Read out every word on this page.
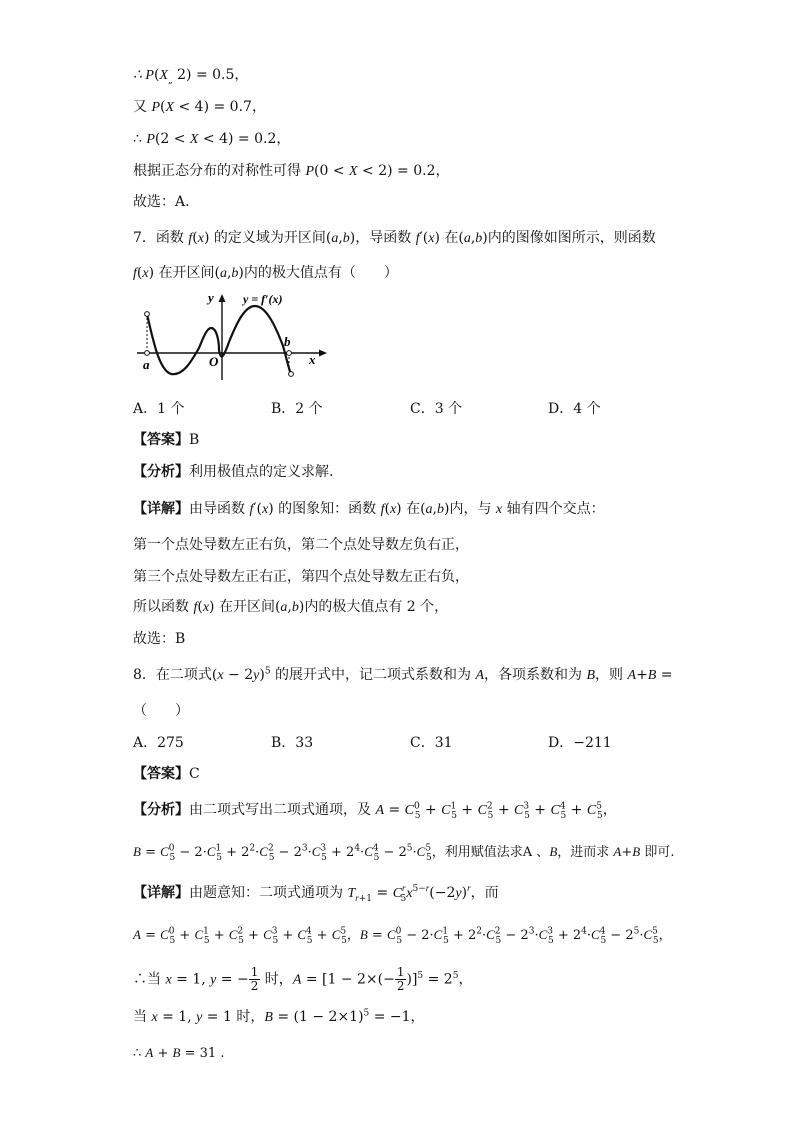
∴ $P(X_„$ 2) = 0.5，
又 P(X < 4) = 0.7，
∴ P(2 < X < 4) = 0.2，
根据正态分布的对称性可得 P(0 < X < 2) = 0.2，
故选：A．
7．函数 f(x) 的定义域为开区间(a,b)，导函数 f′(x) 在(a,b)内的图像如图所示，则函数
f(x) 在开区间(a,b)内的极大值点有（　　）
y y = f′(x)
a	O
b
x
A．1 个	B．2 个	C．3 个	D．4 个
【答案】B
【分析】利用极值点的定义求解.
【详解】由导函数 f′(x) 的图象知：函数 f(x) 在(a,b)内，与 x 轴有四个交点：
第一个点处导数左正右负，第二个点处导数左负右正，
第三个点处导数左正右正，第四个点处导数左正右负，
所以函数 f(x) 在开区间(a,b)内的极大值点有 2 个，
故选：B
8．在二项式$(x - 2y)^5$ 的展开式中，记二项式系数和为 A，各项系数和为 B，则 A+B =
（　　）
A．275	B．33	C．31	D．−211
【答案】C
【分析】由二项式写出二项式通项，及 $A = C^0_5 + C^1_5 + C^2_5 + C^3_5 + C^4_5 + C^5_5$，
$B = C^0_5 - 2\cdot C^1_5 + 2^2\cdot C^2_5 - 2^3\cdot C^3_5 + 2^4\cdot C^4_5 - 2^5\cdot C^5_5$，利用赋值法求A 、B，进而求 A+B 即可.
【详解】由题意知：二项式通项为 $T_{r+1} = C^r_5x^{5-r}(-2y)^r$，而
$A = C^0_5 + C^1_5 + C^2_5 + C^3_5 + C^4_5 + C^5_5$，$B = C^0_5 - 2\cdot C^1_5 + 2^2\cdot C^2_5 - 2^3\cdot C^3_5 + 2^4\cdot C^4_5 - 2^5\cdot C^5_5$，
∴当 x = 1, y = − $\frac{1}{2}$ 时，$A = [1 - 2\times(- \frac{1}{2} )]^5 = 2^5$，
当 x = 1, y = 1 时，$B = (1 - 2\times 1)^5 = -1$，
∴ A + B = 31 .
